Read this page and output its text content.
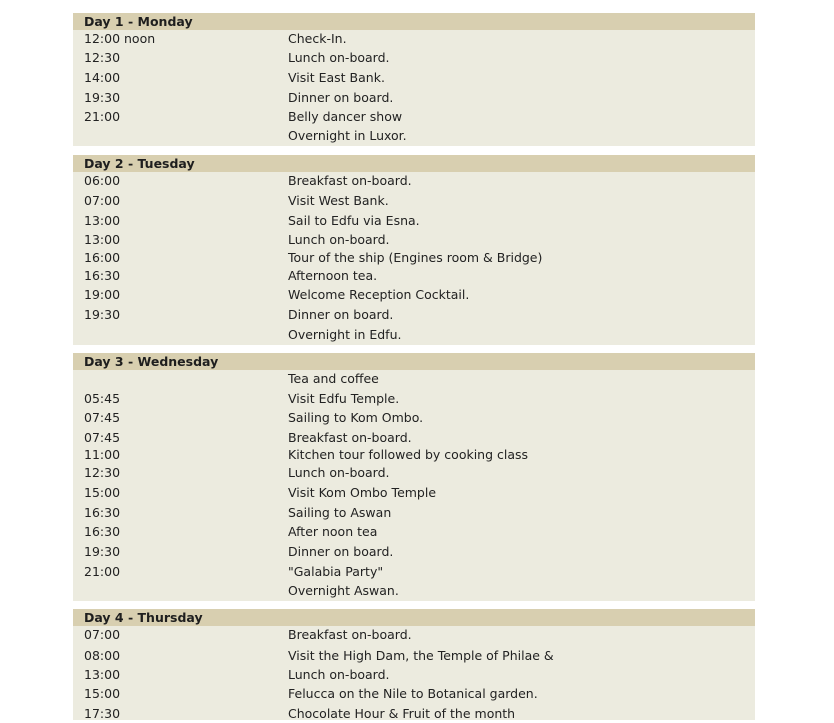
Day 1 - Monday
12:00 noon	Check-In.
12:30	Lunch on-board.
14:00	Visit East Bank.
19:30	Dinner on board.
21:00	Belly dancer show
Overnight in Luxor.
Day 2 - Tuesday
06:00	Breakfast on-board.
07:00	Visit West Bank.
13:00	Sail to Edfu via Esna.
13:00	Lunch on-board.
16:00	Tour of the ship (Engines room & Bridge)
16:30	Afternoon tea.
19:00	Welcome Reception Cocktail.
19:30	Dinner on board.
Overnight in Edfu.
Day 3 - Wednesday
Tea and coffee
05:45	Visit Edfu Temple.
07:45	Sailing to Kom Ombo.
07:45	Breakfast on-board.
11:00	Kitchen tour followed by cooking class
12:30	Lunch on-board.
15:00	Visit Kom Ombo Temple
16:30	Sailing to Aswan
16:30	After noon tea
19:30	Dinner on board.
21:00	"Galabia Party"
Overnight Aswan.
Day 4 - Thursday
07:00	Breakfast on-board.
08:00	Visit the High Dam, the Temple of Philae &
13:00	Lunch on-board.
15:00	Felucca on the Nile to Botanical garden.
17:30	Chocolate Hour & Fruit of the month
